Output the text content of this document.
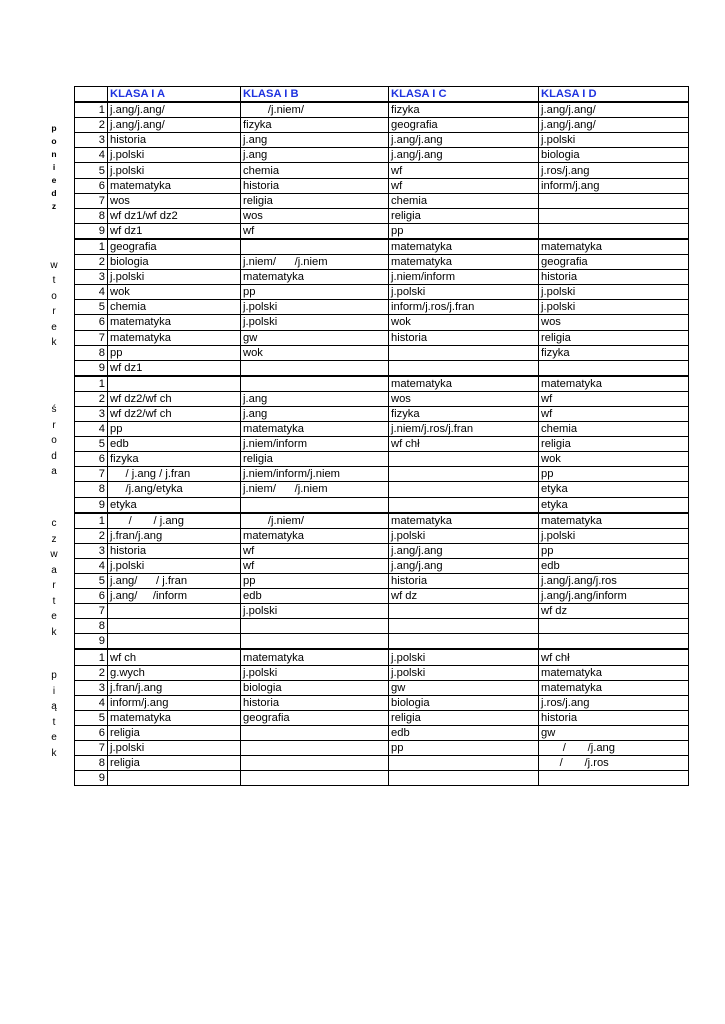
	KLASA I A	KLASA I B	KLASA I C	KLASA I D
1	j.ang/j.ang/	/j.niem/	fizyka	j.ang/j.ang/
2	j.ang/j.ang/	fizyka	geografia	j.ang/j.ang/
3	historia	j.ang	j.ang/j.ang	j.polski
4	j.polski	j.ang	j.ang/j.ang	biologia
5	j.polski	chemia	wf	j.ros/j.ang
6	matematyka	historia	wf	inform/j.ang
7	wos	religia	chemia	
8	wf dz1/wf dz2	wos	religia	
9	wf dz1	wf	pp	
1	geografia		matematyka	matematyka
2	biologia	j.niem/      /j.niem	matematyka	geografia
3	j.polski	matematyka	j.niem/inform	historia
4	wok	pp	j.polski	j.polski
5	chemia	j.polski	inform/j.ros/j.fran	j.polski
6	matematyka	j.polski	wok	wos
7	matematyka	gw	historia	religia
8	pp	wok		fizyka
9	wf dz1			
1			matematyka	matematyka
2	wf dz2/wf ch	j.ang	wos	wf
3	wf dz2/wf ch	j.ang	fizyka	wf
4	pp	matematyka	j.niem/j.ros/j.fran	chemia
5	edb	j.niem/inform	wf chł	religia
6	fizyka	religia		wok
7	/ j.ang / j.fran	j.niem/inform/j.niem		pp
8	/j.ang/etyka	j.niem/      /j.niem		etyka
9	etyka			etyka
1	/       / j.ang	/j.niem/	matematyka	matematyka
2	j.fran/j.ang	matematyka	j.polski	j.polski
3	historia	wf	j.ang/j.ang	pp
4	j.polski	wf	j.ang/j.ang	edb
5	j.ang/      / j.fran	pp	historia	j.ang/j.ang/j.ros
6	j.ang/     /inform	edb	wf dz	j.ang/j.ang/inform
7		j.polski		wf dz
8				
9				
1	wf ch	matematyka	j.polski	wf chł
2	g.wych	j.polski	j.polski	matematyka
3	j.fran/j.ang	biologia	gw	matematyka
4	inform/j.ang	historia	biologia	j.ros/j.ang
5	matematyka	geografia	religia	historia
6	religia		edb	gw
7	j.polski		pp	/       /j.ang
8	religia			/       /j.ros
9				
p
o
n
i
e
d
z
w
t
o
r
e
k
ś
r
o
d
a
c
z
w
a
r
t
e
k
p
i
ą
t
e
k
